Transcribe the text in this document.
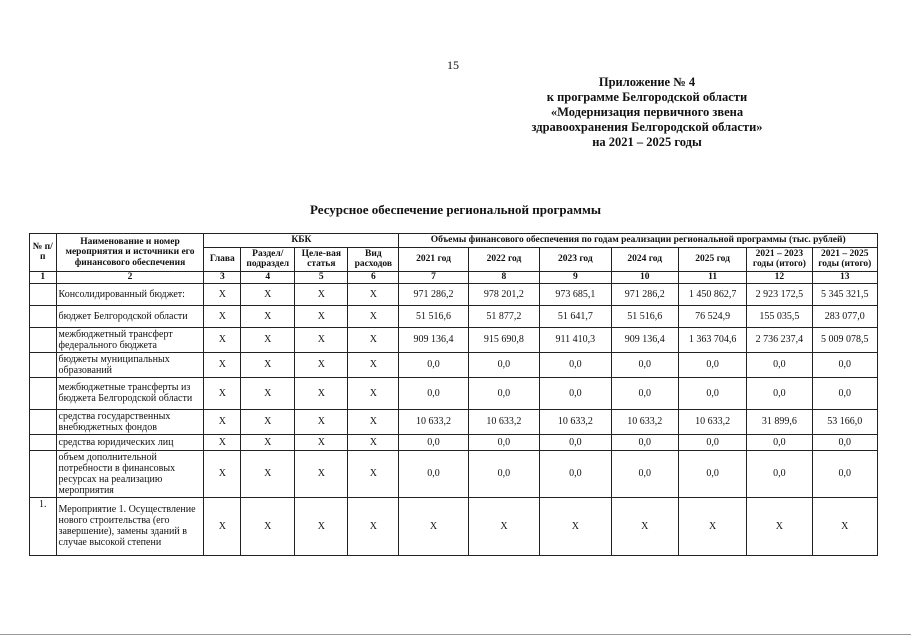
15
Приложение № 4
к программе Белгородской области
«Модернизация первичного звена
здравоохранения Белгородской области»
на 2021 – 2025 годы
Ресурсное обеспечение региональной программы
№ п/п	Наименование и номер мероприятия и источники его финансового обеспечения	КБК				Объемы финансового обеспечения по годам реализации региональной программы (тыс. рублей)						
		Глава	Раздел/ подраздел	Целе-вая статья	Вид расходов	2021 год	2022 год	2023 год	2024 год	2025 год	2021 – 2023 годы (итого)	2021 – 2025 годы (итого)
1	2	3	4	5	6	7	8	9	10	11	12	13
	Консолидированный бюджет:	X	X	X	X	971 286,2	978 201,2	973 685,1	971 286,2	1 450 862,7	2 923 172,5	5 345 321,5
	бюджет Белгородской области	X	X	X	X	51 516,6	51 877,2	51 641,7	51 516,6	76 524,9	155 035,5	283 077,0
	межбюджетный трансферт федерального бюджета	X	X	X	X	909 136,4	915 690,8	911 410,3	909 136,4	1 363 704,6	2 736 237,4	5 009 078,5
	бюджеты муниципальных образований	X	X	X	X	0,0	0,0	0,0	0,0	0,0	0,0	0,0
	межбюджетные трансферты из бюджета Белгородской области	X	X	X	X	0,0	0,0	0,0	0,0	0,0	0,0	0,0
	средства государственных внебюджетных фондов	X	X	X	X	10 633,2	10 633,2	10 633,2	10 633,2	10 633,2	31 899,6	53 166,0
	средства юридических лиц	X	X	X	X	0,0	0,0	0,0	0,0	0,0	0,0	0,0
	объем дополнительной потребности в финансовых ресурсах на реализацию мероприятия	X	X	X	X	0,0	0,0	0,0	0,0	0,0	0,0	0,0
1.	Мероприятие 1. Осуществление нового строительства (его завершение), замены зданий в случае высокой степени	X	X	X	X	X	X	X	X	X	X	X
